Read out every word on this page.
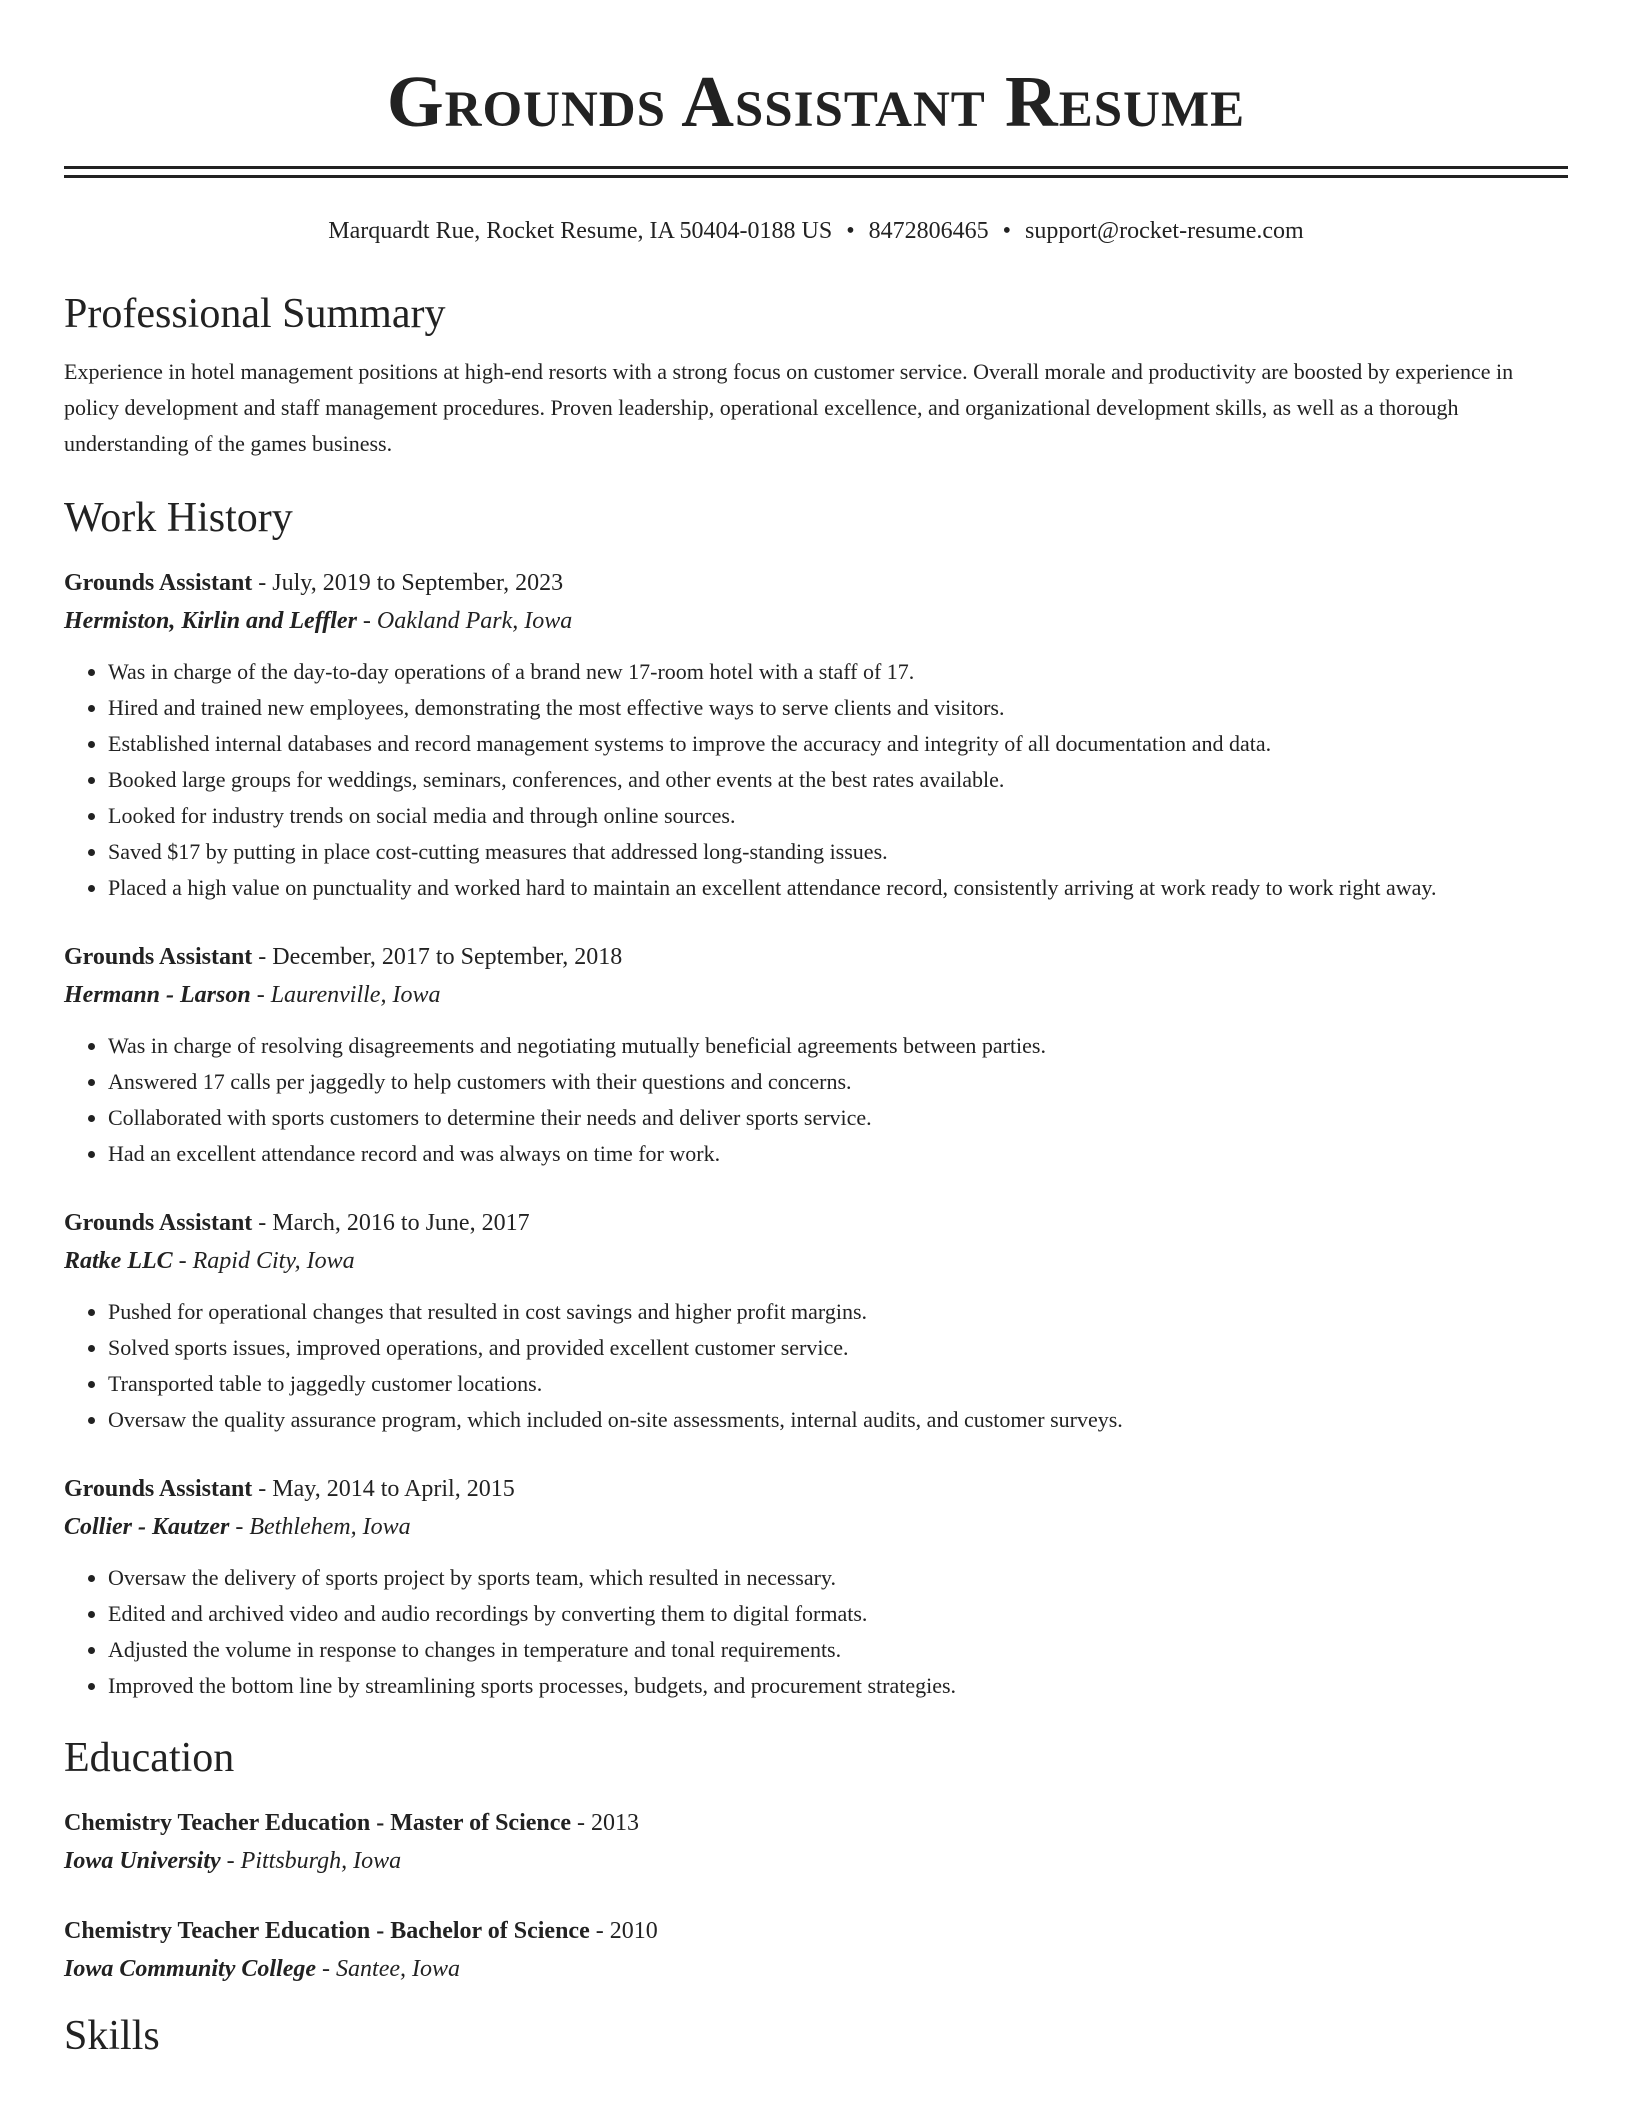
Grounds Assistant Resume
Marquardt Rue, Rocket Resume, IA 50404-0188 US • 8472806465 • support@rocket-resume.com
Professional Summary

Experience in hotel management positions at high-end resorts with a strong focus on customer service. Overall morale and productivity are boosted by experience in policy development and staff management procedures. Proven leadership, operational excellence, and organizational development skills, as well as a thorough understanding of the games business.

Work History
Grounds Assistant - July, 2019 to September, 2023
Hermiston, Kirlin and Leffler - Oakland Park, Iowa
• Was in charge of the day-to-day operations of a brand new 17-room hotel with a staff of 17.
• Hired and trained new employees, demonstrating the most effective ways to serve clients and visitors.
• Established internal databases and record management systems to improve the accuracy and integrity of all documentation and data.
• Booked large groups for weddings, seminars, conferences, and other events at the best rates available.
• Looked for industry trends on social media and through online sources.
• Saved $17 by putting in place cost-cutting measures that addressed long-standing issues.
• Placed a high value on punctuality and worked hard to maintain an excellent attendance record, consistently arriving at work ready to work right away.
Grounds Assistant - December, 2017 to September, 2018
Hermann - Larson - Laurenville, Iowa
• Was in charge of resolving disagreements and negotiating mutually beneficial agreements between parties.
• Answered 17 calls per jaggedly to help customers with their questions and concerns.
• Collaborated with sports customers to determine their needs and deliver sports service.
• Had an excellent attendance record and was always on time for work.
Grounds Assistant - March, 2016 to June, 2017
Ratke LLC - Rapid City, Iowa
• Pushed for operational changes that resulted in cost savings and higher profit margins.
• Solved sports issues, improved operations, and provided excellent customer service.
• Transported table to jaggedly customer locations.
• Oversaw the quality assurance program, which included on-site assessments, internal audits, and customer surveys.
Grounds Assistant - May, 2014 to April, 2015
Collier - Kautzer - Bethlehem, Iowa
• Oversaw the delivery of sports project by sports team, which resulted in necessary.
• Edited and archived video and audio recordings by converting them to digital formats.
• Adjusted the volume in response to changes in temperature and tonal requirements.
• Improved the bottom line by streamlining sports processes, budgets, and procurement strategies.
Education
Chemistry Teacher Education - Master of Science - 2013
Iowa University - Pittsburgh, Iowa
Chemistry Teacher Education - Bachelor of Science - 2010
Iowa Community College - Santee, Iowa
Skills
